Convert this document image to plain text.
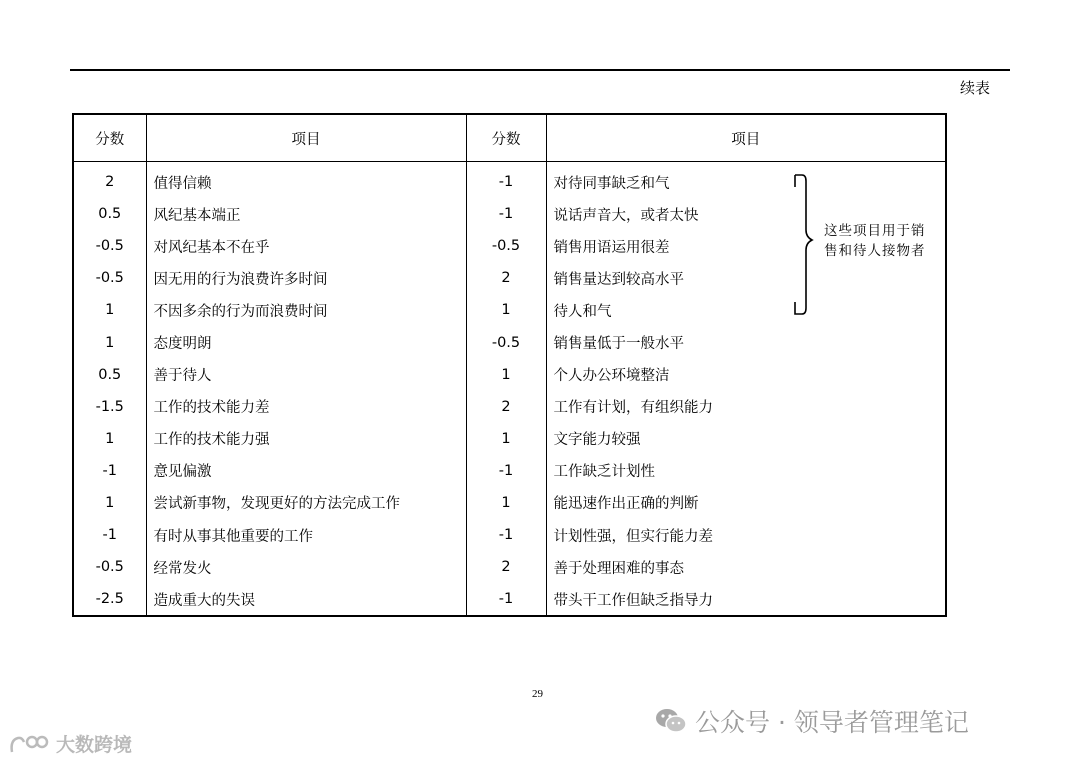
续表
分数	项目	分数	项目
2	值得信赖	-1	对待同事缺乏和气
0.5	风纪基本端正	-1	说话声音大，或者太快
-0.5	对风纪基本不在乎	-0.5	销售用语运用很差
-0.5	因无用的行为浪费许多时间	2	销售量达到较高水平
1	不因多余的行为而浪费时间	1	待人和气
1	态度明朗	-0.5	销售量低于一般水平
0.5	善于待人	1	个人办公环境整洁
-1.5	工作的技术能力差	2	工作有计划，有组织能力
1	工作的技术能力强	1	文字能力较强
-1	意见偏激	-1	工作缺乏计划性
1	尝试新事物，发现更好的方法完成工作	1	能迅速作出正确的判断
-1	有时从事其他重要的工作	-1	计划性强，但实行能力差
-0.5	经常发火	2	善于处理困难的事态
-2.5	造成重大的失误	-1	带头干工作但缺乏指导力
这些项目用于销
售和待人接物者
29
公众号 · 领导者管理笔记
大数跨境
